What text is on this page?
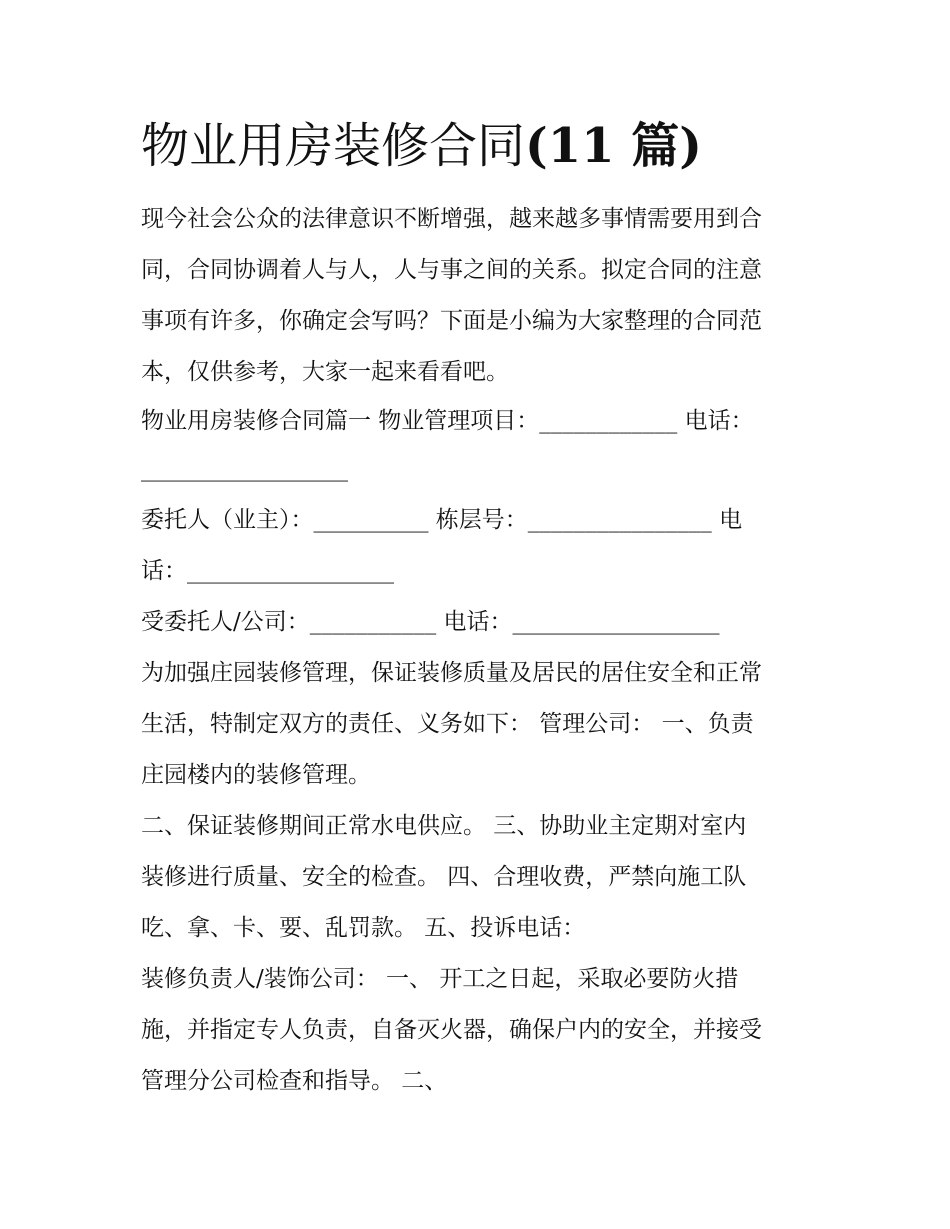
物业用房装修合同(11 篇)

现今社会公众的法律意识不断增强，越来越多事情需要用到合

同，合同协调着人与人，人与事之间的关系。拟定合同的注意

事项有许多，你确定会写吗？下面是小编为大家整理的合同范

本，仅供参考，大家一起来看看吧。

物业用房装修合同篇一 物业管理项目：____________ 电话：

__________________

委托人（业主）：__________ 栋层号：________________ 电

话：__________________

受委托人/公司：___________ 电话：__________________

为加强庄园装修管理，保证装修质量及居民的居住安全和正常

生活，特制定双方的责任、义务如下： 管理公司： 一、负责

庄园楼内的装修管理。

二、保证装修期间正常水电供应。 三、协助业主定期对室内

装修进行质量、安全的检查。 四、合理收费，严禁向施工队

吃、拿、卡、要、乱罚款。 五、投诉电话：

装修负责人/装饰公司： 一、 开工之日起，采取必要防火措

施，并指定专人负责，自备灭火器，确保户内的安全，并接受

管理分公司检查和指导。 二、
